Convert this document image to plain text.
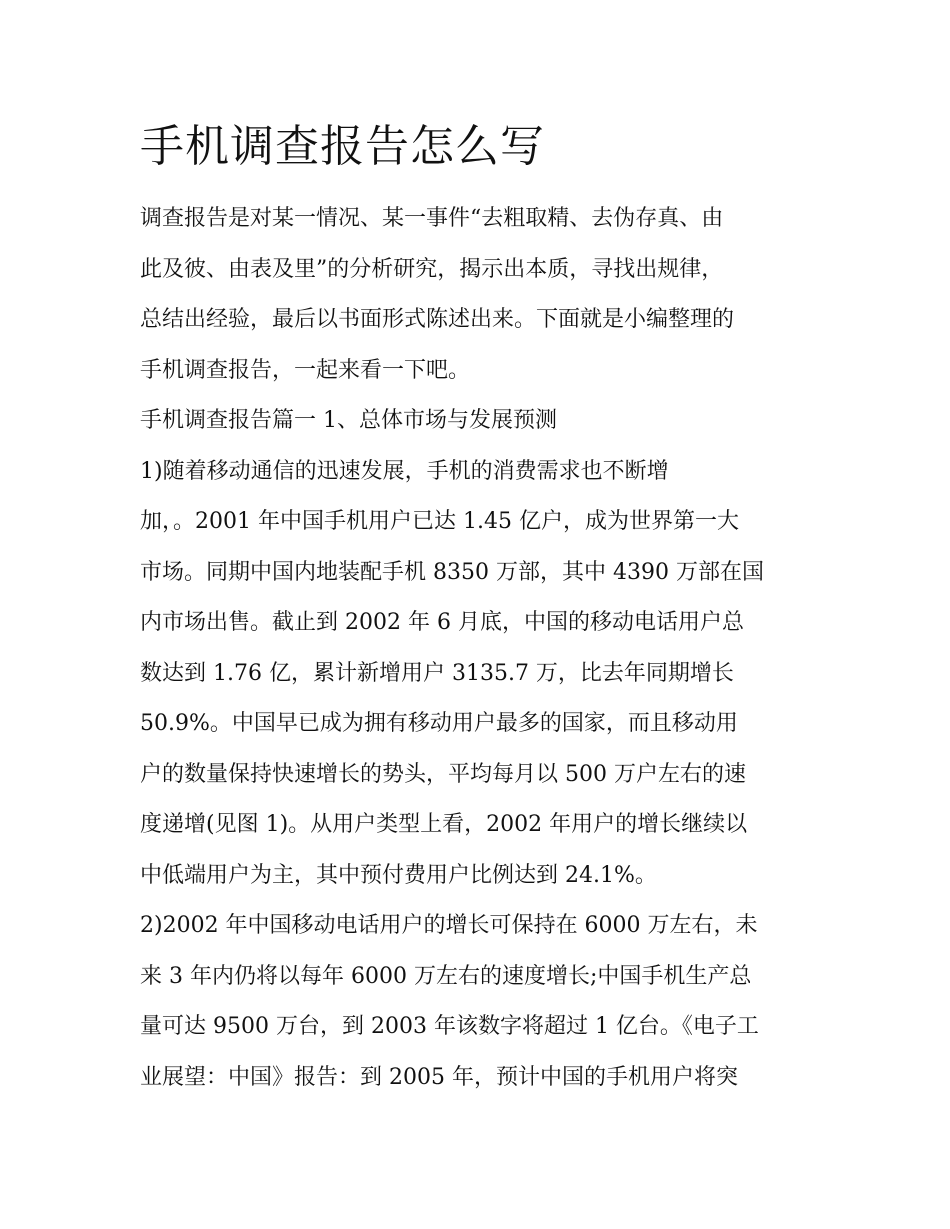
手机调查报告怎么写
调查报告是对某一情况、某一事件“去粗取精、去伪存真、由
此及彼、由表及里”的分析研究，揭示出本质，寻找出规律，
总结出经验，最后以书面形式陈述出来。下面就是小编整理的
手机调查报告，一起来看一下吧。
手机调查报告篇一 1、总体市场与发展预测
1)随着移动通信的迅速发展，手机的消费需求也不断增
加，。2001 年中国手机用户已达 1.45 亿户，成为世界第一大
市场。同期中国内地装配手机 8350 万部，其中 4390 万部在国
内市场出售。截止到 2002 年 6 月底，中国的移动电话用户总
数达到 1.76 亿，累计新增用户 3135.7 万，比去年同期增长
50.9%。中国早已成为拥有移动用户最多的国家，而且移动用
户的数量保持快速增长的势头，平均每月以 500 万户左右的速
度递增(见图 1)。从用户类型上看，2002 年用户的增长继续以
中低端用户为主，其中预付费用户比例达到 24.1%。
2)2002 年中国移动电话用户的增长可保持在 6000 万左右，未
来 3 年内仍将以每年 6000 万左右的速度增长;中国手机生产总
量可达 9500 万台，到 2003 年该数字将超过 1 亿台。《电子工
业展望：中国》报告：到 2005 年，预计中国的手机用户将突
